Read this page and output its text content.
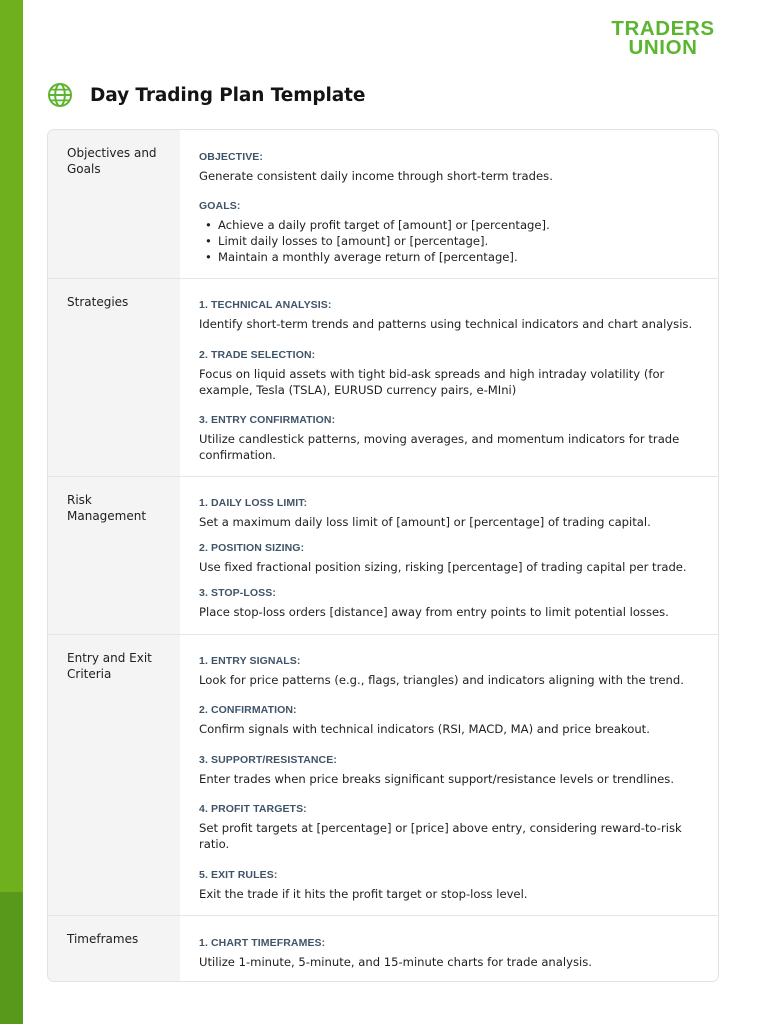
TRADERS
UNION
Day Trading Plan Template
Objectives and Goals
OBJECTIVE:
Generate consistent daily income through short-term trades.
GOALS:
• Achieve a daily profit target of [amount] or [percentage].
• Limit daily losses to [amount] or [percentage].
• Maintain a monthly average return of [percentage].
Strategies	1. TECHNICAL ANALYSIS:
Identify short-term trends and patterns using technical indicators and chart analysis.
2. TRADE SELECTION:
Focus on liquid assets with tight bid-ask spreads and high intraday volatility (for example, Tesla (TSLA), EURUSD currency pairs, e-MIni)
3. ENTRY CONFIRMATION:
Utilize candlestick patterns, moving averages, and momentum indicators for trade confirmation.
Risk Management
1. DAILY LOSS LIMIT:
Set a maximum daily loss limit of [amount] or [percentage] of trading capital.
2. POSITION SIZING:
Use fixed fractional position sizing, risking [percentage] of trading capital per trade.
3. STOP-LOSS:
Place stop-loss orders [distance] away from entry points to limit potential losses.
Entry and Exit Criteria
1. ENTRY SIGNALS:
Look for price patterns (e.g., flags, triangles) and indicators aligning with the trend.
2. CONFIRMATION:
Confirm signals with technical indicators (RSI, MACD, MA) and price breakout.
3. SUPPORT/RESISTANCE:
Enter trades when price breaks significant support/resistance levels or trendlines.
4. PROFIT TARGETS:
Set profit targets at [percentage] or [price] above entry, considering reward-to-risk ratio.
5. EXIT RULES:
Exit the trade if it hits the profit target or stop-loss level.
Timeframes	1. CHART TIMEFRAMES:
Utilize 1-minute, 5-minute, and 15-minute charts for trade analysis.
